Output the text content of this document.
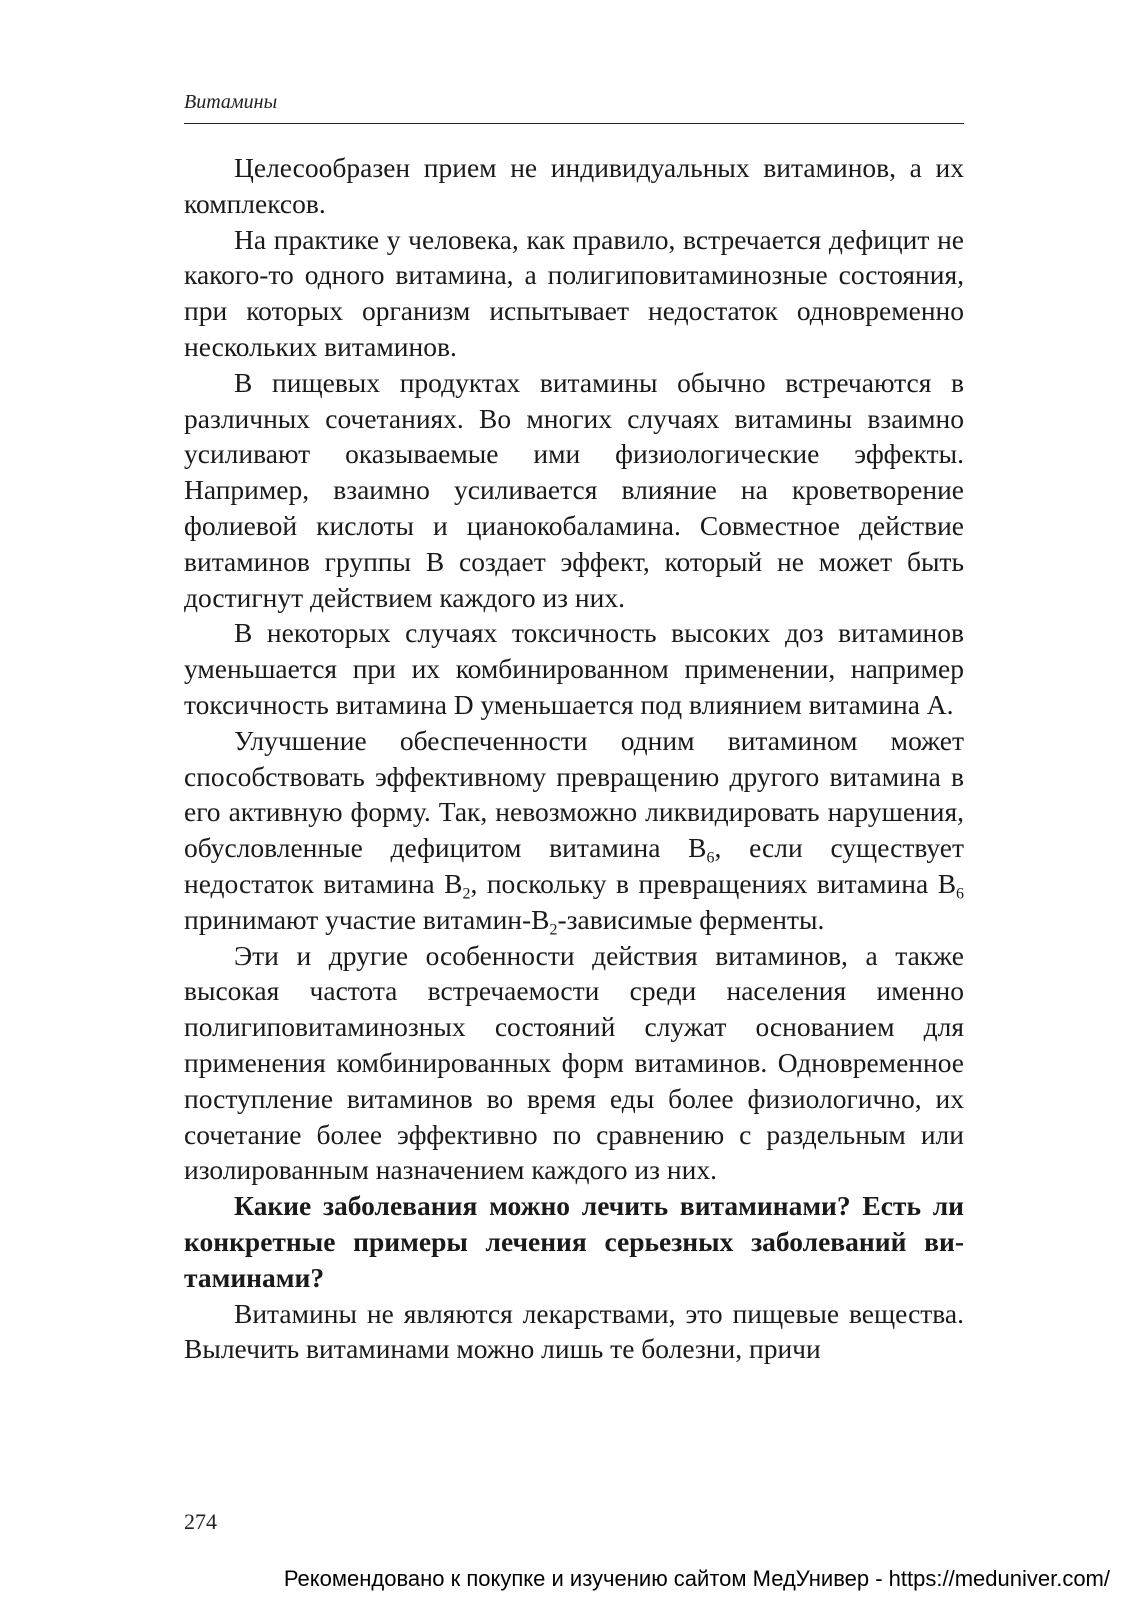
Витамины

Целесообразен прием не индивидуальных витаминов, а их комплексов.

На практике у человека, как правило, встречается дефицит не какого-то одного витамина, а полигиповитаминозные состояния, при которых организм испытывает недостаток одновременно нескольких витаминов.

В пищевых продуктах витамины обычно встречаются в различных сочетаниях. Во многих случаях витамины взаимно усиливают оказываемые ими физиологические эффекты. Например, взаимно усиливается влияние на кроветворение фолиевой кислоты и цианокобаламина. Совместное действие витаминов группы В создает эффект, который не может быть достигнут действием каждого из них.

В некоторых случаях токсичность высоких доз витаминов уменьшается при их комбинированном применении, например токсичность витамина D уменьшается под влиянием витамина А.

Улучшение обеспеченности одним витамином может способствовать эффективному превращению другого витамина в его активную форму. Так, невозможно ликвидировать нарушения, обусловленные дефицитом витамина $В_6$, если существует недостаток витамина $В_2$, поскольку в превращениях витамина $В_6$ принимают участие витамин-$В_2$-зависимые ферменты.

Эти и другие особенности действия витаминов, а также высокая частота встречаемости среди населения именно полигиповитаминозных состояний служат основанием для применения комбинированных форм витаминов. Одновременное поступление витаминов во время еды более физиологично, их сочетание более эффективно по сравнению с раздельным или изолированным назначением каждого из них.

Какие заболевания можно лечить витаминами? Есть ли конкретные примеры лечения серьезных заболеваний витаминами?

Витамины не являются лекарствами, это пищевые вещества. Вылечить витаминами можно лишь те болезни, причи

274
Рекомендовано к покупке и изучению сайтом МедУнивер - https://meduniver.com/
